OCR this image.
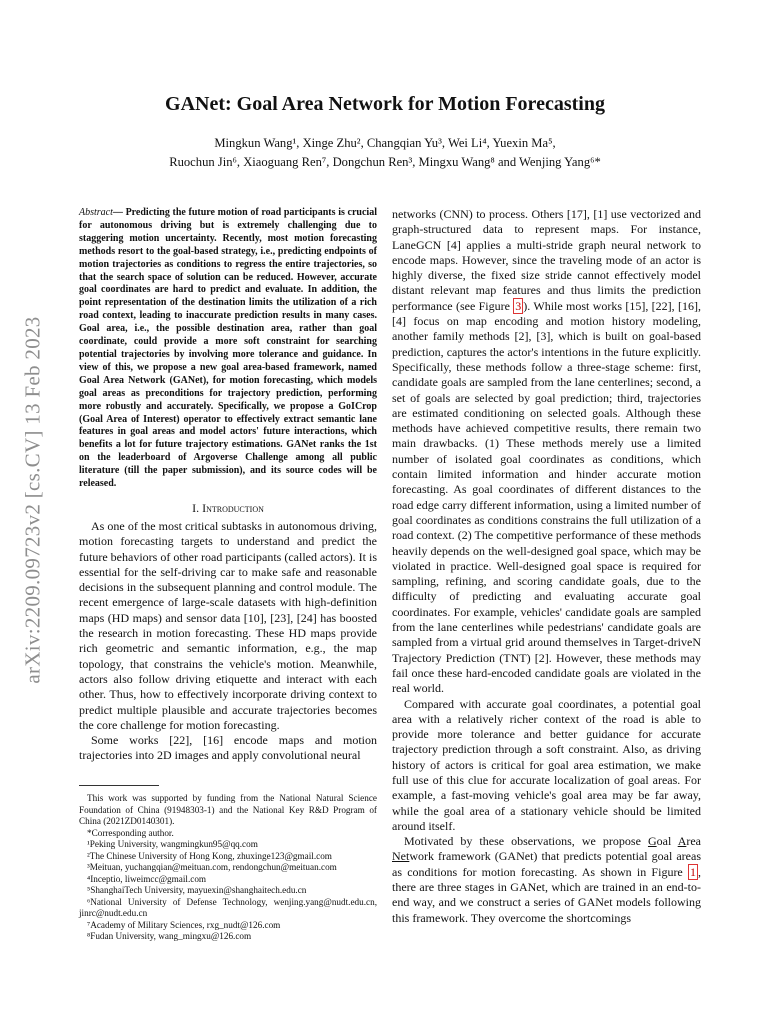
arXiv:2209.09723v2 [cs.CV] 13 Feb 2023
GANet: Goal Area Network for Motion Forecasting
Mingkun Wang¹, Xinge Zhu², Changqian Yu³, Wei Li⁴, Yuexin Ma⁵,
Ruochun Jin⁶, Xiaoguang Ren⁷, Dongchun Ren³, Mingxu Wang⁸ and Wenjing Yang⁶*

Abstract— Predicting the future motion of road participants is crucial for autonomous driving but is extremely challenging due to staggering motion uncertainty. Recently, most motion forecasting methods resort to the goal-based strategy, i.e., predicting endpoints of motion trajectories as conditions to regress the entire trajectories, so that the search space of solution can be reduced. However, accurate goal coordinates are hard to predict and evaluate. In addition, the point representation of the destination limits the utilization of a rich road context, leading to inaccurate prediction results in many cases. Goal area, i.e., the possible destination area, rather than goal coordinate, could provide a more soft constraint for searching potential trajectories by involving more tolerance and guidance. In view of this, we propose a new goal area-based framework, named Goal Area Network (GANet), for motion forecasting, which models goal areas as preconditions for trajectory prediction, performing more robustly and accurately. Specifically, we propose a GoICrop (Goal Area of Interest) operator to effectively extract semantic lane features in goal areas and model actors' future interactions, which benefits a lot for future trajectory estimations. GANet ranks the 1st on the leaderboard of Argoverse Challenge among all public literature (till the paper submission), and its source codes will be released.

I. Introduction

As one of the most critical subtasks in autonomous driving, motion forecasting targets to understand and predict the future behaviors of other road participants (called actors). It is essential for the self-driving car to make safe and reasonable decisions in the subsequent planning and control module. The recent emergence of large-scale datasets with high-definition maps (HD maps) and sensor data [10], [23], [24] has boosted the research in motion forecasting. These HD maps provide rich geometric and semantic information, e.g., the map topology, that constrains the vehicle's motion. Meanwhile, actors also follow driving etiquette and interact with each other. Thus, how to effectively incorporate driving context to predict multiple plausible and accurate trajectories becomes the core challenge for motion forecasting.

Some works [22], [16] encode maps and motion trajectories into 2D images and apply convolutional neural

This work was supported by funding from the National Natural Science Foundation of China (91948303-1) and the National Key R&D Program of China (2021ZD0140301).

*Corresponding author.

¹Peking University, wangmingkun95@qq.com

²The Chinese University of Hong Kong, zhuxinge123@gmail.com

³Meituan, yuchangqian@meituan.com, rendongchun@meituan.com

⁴Inceptio, liweimcc@gmail.com

⁵ShanghaiTech University, mayuexin@shanghaitech.edu.cn

⁶National University of Defense Technology, wenjing.yang@nudt.edu.cn, jinrc@nudt.edu.cn

⁷Academy of Military Sciences, rxg_nudt@126.com

⁸Fudan University, wang_mingxu@126.com

networks (CNN) to process. Others [17], [1] use vectorized and graph-structured data to represent maps. For instance, LaneGCN [4] applies a multi-stride graph neural network to encode maps. However, since the traveling mode of an actor is highly diverse, the fixed size stride cannot effectively model distant relevant map features and thus limits the prediction performance (see Figure 3 ). While most works [15], [22], [16], [4] focus on map encoding and motion history modeling, another family methods [2], [3], which is built on goal-based prediction, captures the actor's intentions in the future explicitly. Specifically, these methods follow a three-stage scheme: first, candidate goals are sampled from the lane centerlines; second, a set of goals are selected by goal prediction; third, trajectories are estimated conditioning on selected goals. Although these methods have achieved competitive results, there remain two main drawbacks. (1) These methods merely use a limited number of isolated goal coordinates as conditions, which contain limited information and hinder accurate motion forecasting. As goal coordinates of different distances to the road edge carry different information, using a limited number of goal coordinates as conditions constrains the full utilization of a road context. (2) The competitive performance of these methods heavily depends on the well-designed goal space, which may be violated in practice. Well-designed goal space is required for sampling, refining, and scoring candidate goals, due to the difficulty of predicting and evaluating accurate goal coordinates. For example, vehicles' candidate goals are sampled from the lane centerlines while pedestrians' candidate goals are sampled from a virtual grid around themselves in Target-driveN Trajectory Prediction (TNT) [2]. However, these methods may fail once these hard-encoded candidate goals are violated in the real world.

Compared with accurate goal coordinates, a potential goal area with a relatively richer context of the road is able to provide more tolerance and better guidance for accurate trajectory prediction through a soft constraint. Also, as driving history of actors is critical for goal area estimation, we make full use of this clue for accurate localization of goal areas. For example, a fast-moving vehicle's goal area may be far away, while the goal area of a stationary vehicle should be limited around itself.

Motivated by these observations, we propose Goal Area Network framework (GANet) that predicts potential goal areas as conditions for motion forecasting. As shown in Figure 1 , there are three stages in GANet, which are trained in an end-to-end way, and we construct a series of GANet models following this framework. They overcome the shortcomings
